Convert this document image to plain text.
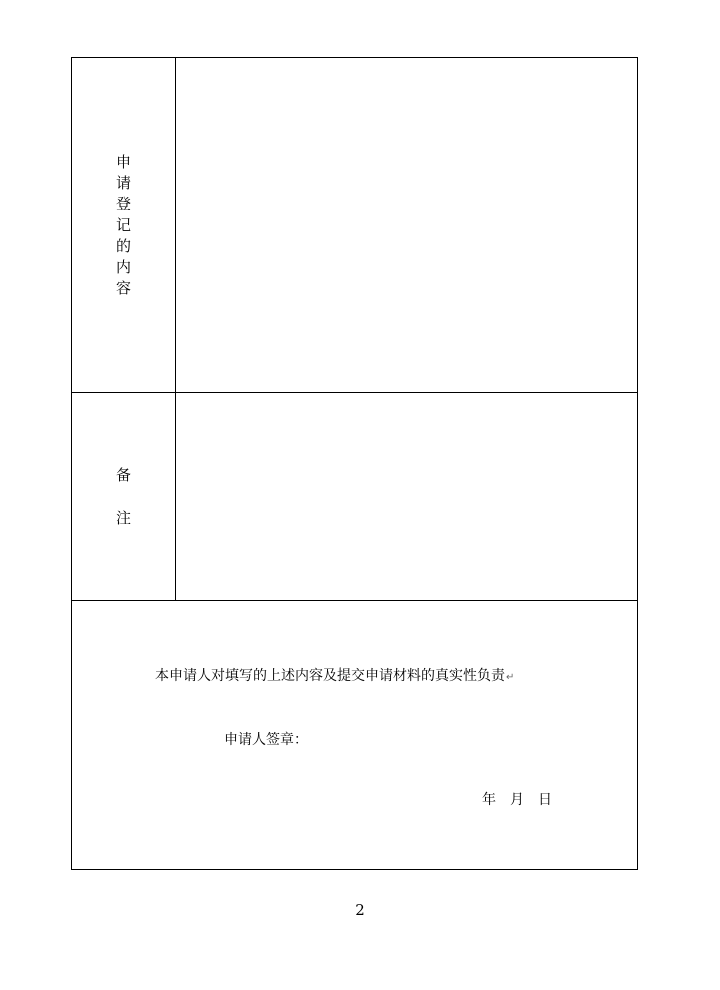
申
请
登
记
的
内
容
备
注
本申请人对填写的上述内容及提交申请材料的真实性负责↵
申请人签章：
年 月 日
2
